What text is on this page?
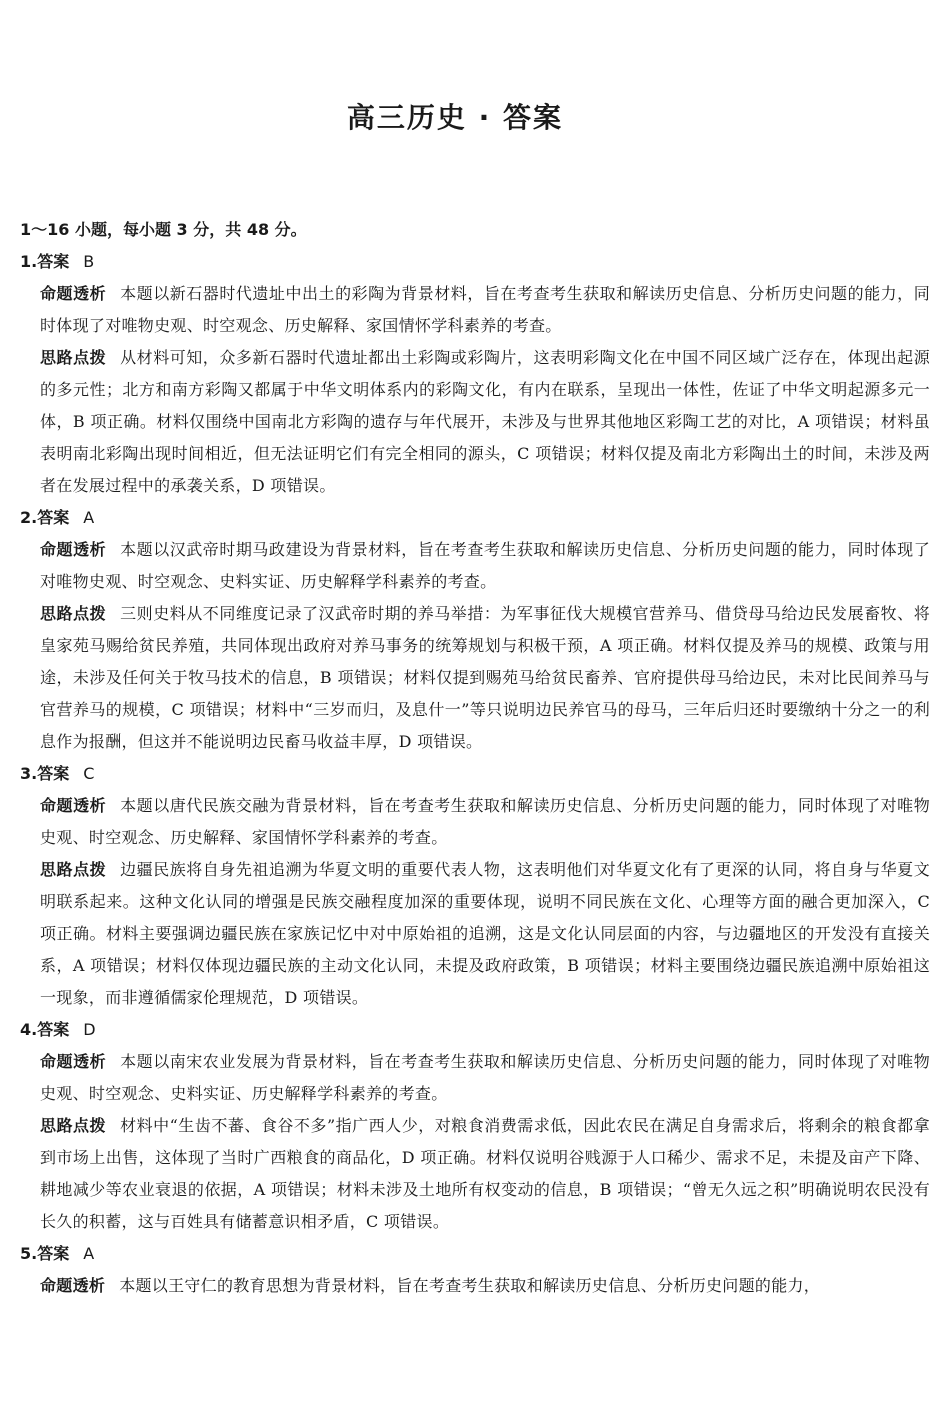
高三历史 · 答案
1～16 小题，每小题 3 分，共 48 分。
1.答案 B
命题透析 本题以新石器时代遗址中出土的彩陶为背景材料，旨在考查考生获取和解读历史信息、分析历史问题的能力，同时体现了对唯物史观、时空观念、历史解释、家国情怀学科素养的考查。
思路点拨 从材料可知，众多新石器时代遗址都出土彩陶或彩陶片，这表明彩陶文化在中国不同区域广泛存在，体现出起源的多元性；北方和南方彩陶又都属于中华文明体系内的彩陶文化，有内在联系，呈现出一体性，佐证了中华文明起源多元一体，B 项正确。材料仅围绕中国南北方彩陶的遗存与年代展开，未涉及与世界其他地区彩陶工艺的对比，A 项错误；材料虽表明南北彩陶出现时间相近，但无法证明它们有完全相同的源头，C 项错误；材料仅提及南北方彩陶出土的时间，未涉及两者在发展过程中的承袭关系，D 项错误。
2.答案 A
命题透析 本题以汉武帝时期马政建设为背景材料，旨在考查考生获取和解读历史信息、分析历史问题的能力，同时体现了对唯物史观、时空观念、史料实证、历史解释学科素养的考查。
思路点拨 三则史料从不同维度记录了汉武帝时期的养马举措：为军事征伐大规模官营养马、借贷母马给边民发展畜牧、将皇家苑马赐给贫民养殖，共同体现出政府对养马事务的统筹规划与积极干预，A 项正确。材料仅提及养马的规模、政策与用途，未涉及任何关于牧马技术的信息，B 项错误；材料仅提到赐苑马给贫民畜养、官府提供母马给边民，未对比民间养马与官营养马的规模，C 项错误；材料中“三岁而归，及息什一”等只说明边民养官马的母马，三年后归还时要缴纳十分之一的利息作为报酬，但这并不能说明边民畜马收益丰厚，D 项错误。
3.答案 C
命题透析 本题以唐代民族交融为背景材料，旨在考查考生获取和解读历史信息、分析历史问题的能力，同时体现了对唯物史观、时空观念、历史解释、家国情怀学科素养的考查。
思路点拨 边疆民族将自身先祖追溯为华夏文明的重要代表人物，这表明他们对华夏文化有了更深的认同，将自身与华夏文明联系起来。这种文化认同的增强是民族交融程度加深的重要体现，说明不同民族在文化、心理等方面的融合更加深入，C 项正确。材料主要强调边疆民族在家族记忆中对中原始祖的追溯，这是文化认同层面的内容，与边疆地区的开发没有直接关系，A 项错误；材料仅体现边疆民族的主动文化认同，未提及政府政策，B 项错误；材料主要围绕边疆民族追溯中原始祖这一现象，而非遵循儒家伦理规范，D 项错误。
4.答案 D
命题透析 本题以南宋农业发展为背景材料，旨在考查考生获取和解读历史信息、分析历史问题的能力，同时体现了对唯物史观、时空观念、史料实证、历史解释学科素养的考查。
思路点拨 材料中“生齿不蕃、食谷不多”指广西人少，对粮食消费需求低，因此农民在满足自身需求后，将剩余的粮食都拿到市场上出售，这体现了当时广西粮食的商品化，D 项正确。材料仅说明谷贱源于人口稀少、需求不足，未提及亩产下降、耕地减少等农业衰退的依据，A 项错误；材料未涉及土地所有权变动的信息，B 项错误；“曾无久远之积”明确说明农民没有长久的积蓄，这与百姓具有储蓄意识相矛盾，C 项错误。
5.答案 A
命题透析 本题以王守仁的教育思想为背景材料，旨在考查考生获取和解读历史信息、分析历史问题的能力，
